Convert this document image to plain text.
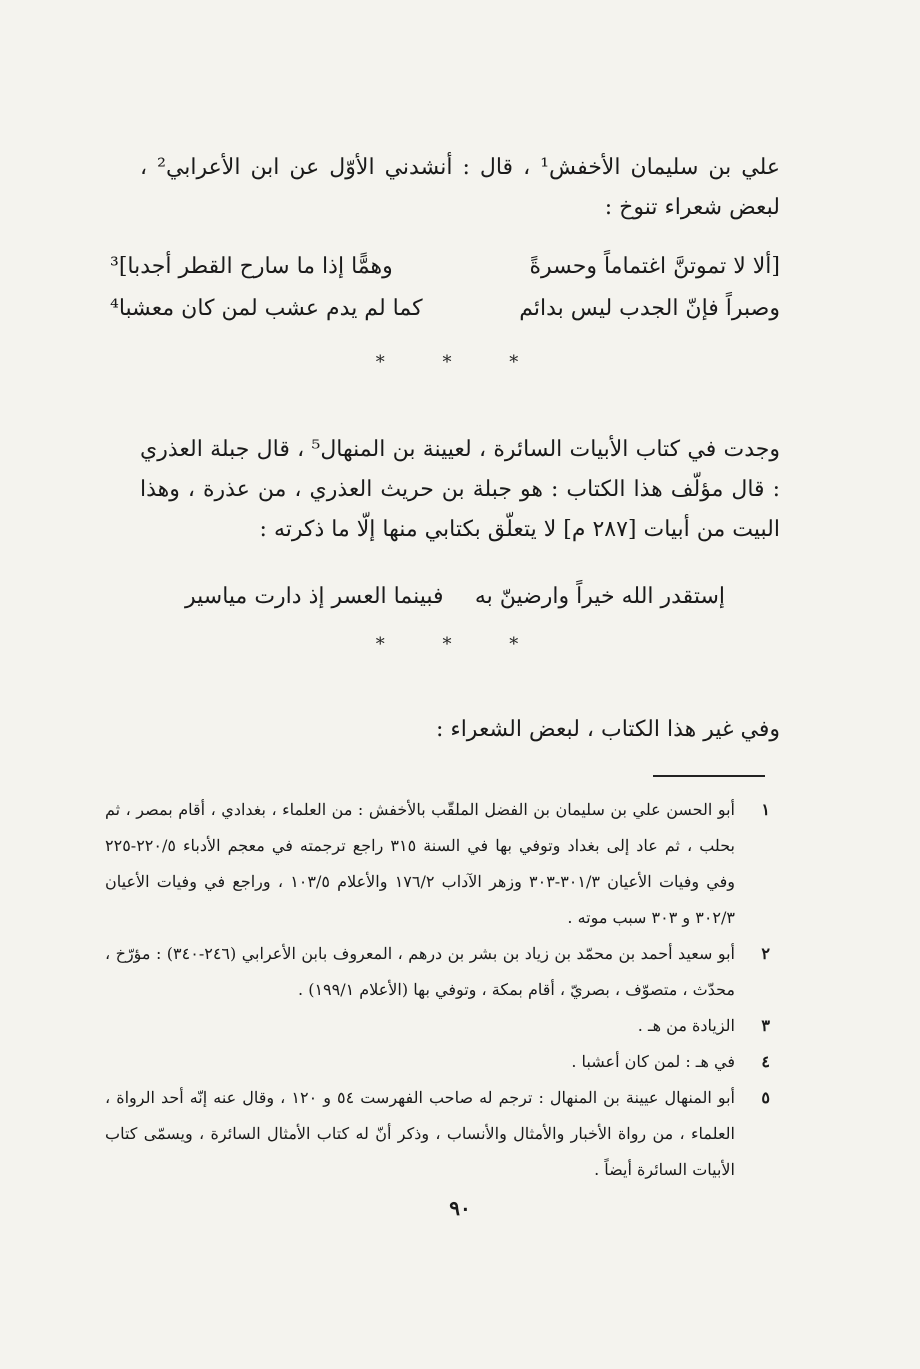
علي بن سليمان الأخفش¹ ، قال : أنشدني الأوّل عن ابن الأعرابي² ، لبعض شعراء تنوخ :
[ألا لا تموتنَّ اغتماماً وحسرةً
وهمًّا إذا ما سارح القطر أجدبا]³
وصبراً فإنّ الجدب ليس بدائم
كما لم يدم عشب لمن كان معشبا⁴
* * *
وجدت في كتاب الأبيات السائرة ، لعيينة بن المنهال⁵ ، قال جبلة العذري : قال مؤلّف هذا الكتاب : هو جبلة بن حريث العذري ، من عذرة ، وهذا البيت من أبيات [٢٨٧ م] لا يتعلّق بكتابي منها إلّا ما ذكرته :
إستقدر الله خيراً وارضينّ به
فبينما العسر إذ دارت مياسير
* * *
وفي غير هذا الكتاب ، لبعض الشعراء :
١
أبو الحسن علي بن سليمان بن الفضل الملقّب بالأخفش : من العلماء ، بغدادي ، أقام بمصر ، ثم بحلب ، ثم عاد إلى بغداد وتوفي بها في السنة ٣١٥ راجع ترجمته في معجم الأدباء ٢٢٠/٥-٢٢٥ وفي وفيات الأعيان ٣٠١/٣-٣٠٣ وزهر الآداب ١٧٦/٢ والأعلام ١٠٣/٥ ، وراجع في وفيات الأعيان ٣٠٢/٣ و ٣٠٣ سبب موته .
٢
أبو سعيد أحمد بن محمّد بن زياد بن بشر بن درهم ، المعروف بابن الأعرابي (٢٤٦-٣٤٠) : مؤرّخ ، محدّث ، متصوّف ، بصريّ ، أقام بمكة ، وتوفي بها (الأعلام ١٩٩/١) .
٣
الزيادة من هـ .
٤
في هـ : لمن كان أعشبا .
٥
أبو المنهال عيينة بن المنهال : ترجم له صاحب الفهرست ٥٤ و ١٢٠ ، وقال عنه إنّه أحد الرواة ، العلماء ، من رواة الأخبار والأمثال والأنساب ، وذكر أنّ له كتاب الأمثال السائرة ، ويسمّى كتاب الأبيات السائرة أيضاً .
٩٠
